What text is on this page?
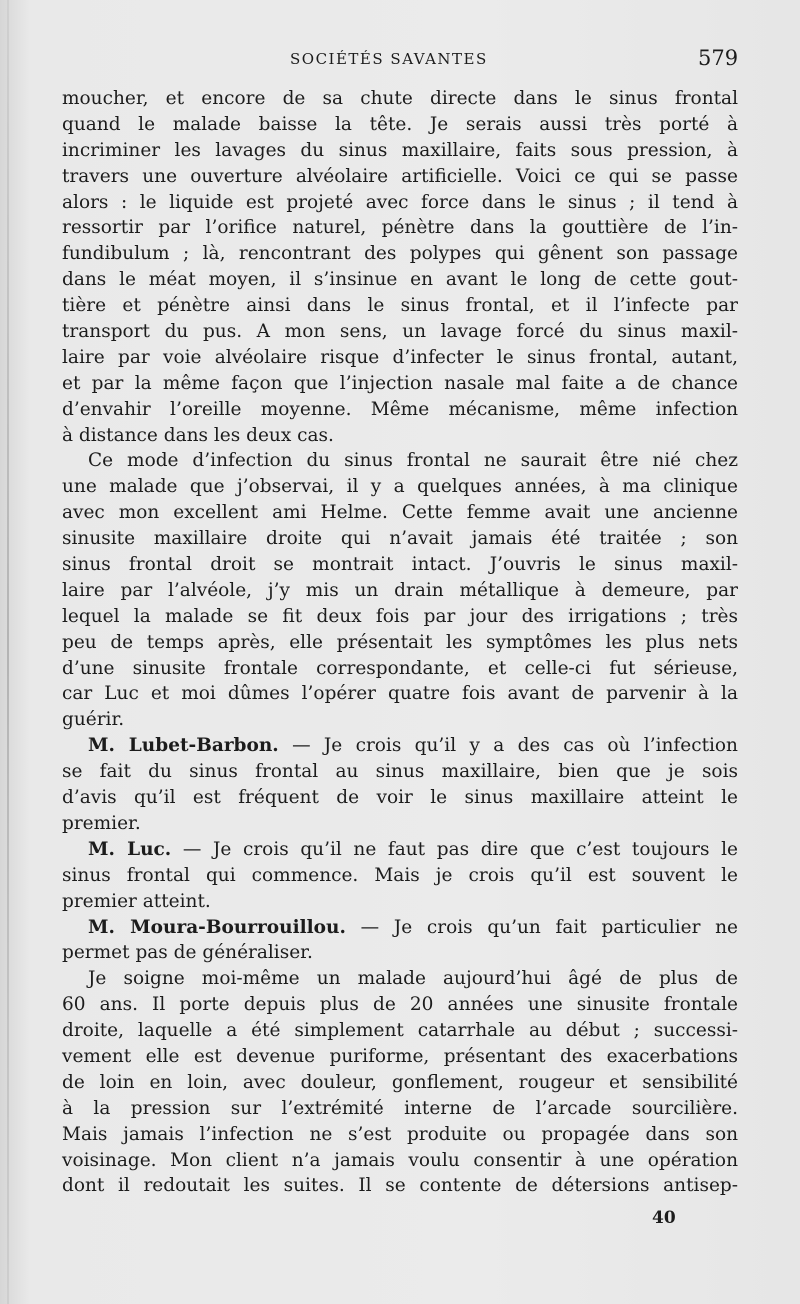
SOCIÉTÉS SAVANTES	579
moucher, et encore de sa chute directe dans le sinus frontal
quand le malade baisse la tête. Je serais aussi très porté à
incriminer les lavages du sinus maxillaire, faits sous pression, à
travers une ouverture alvéolaire artificielle. Voici ce qui se passe
alors : le liquide est projeté avec force dans le sinus ; il tend à
ressortir par l’orifice naturel, pénètre dans la gouttière de l’in-
fundibulum ; là, rencontrant des polypes qui gênent son passage
dans le méat moyen, il s’insinue en avant le long de cette gout-
tière et pénètre ainsi dans le sinus frontal, et il l’infecte par
transport du pus. A mon sens, un lavage forcé du sinus maxil-
laire par voie alvéolaire risque d’infecter le sinus frontal, autant,
et par la même façon que l’injection nasale mal faite a de chance
d’envahir l’oreille moyenne. Même mécanisme, même infection
à distance dans les deux cas.
Ce mode d’infection du sinus frontal ne saurait être nié chez
une malade que j’observai, il y a quelques années, à ma clinique
avec mon excellent ami Helme. Cette femme avait une ancienne
sinusite maxillaire droite qui n’avait jamais été traitée ; son
sinus frontal droit se montrait intact. J’ouvris le sinus maxil-
laire par l’alvéole, j’y mis un drain métallique à demeure, par
lequel la malade se fit deux fois par jour des irrigations ; très
peu de temps après, elle présentait les symptômes les plus nets
d’une sinusite frontale correspondante, et celle-ci fut sérieuse,
car Luc et moi dûmes l’opérer quatre fois avant de parvenir à la
guérir.
M. Lubet-Barbon. — Je crois qu’il y a des cas où l’infection
se fait du sinus frontal au sinus maxillaire, bien que je sois
d’avis qu’il est fréquent de voir le sinus maxillaire atteint le
premier.
M. Luc. — Je crois qu’il ne faut pas dire que c’est toujours le
sinus frontal qui commence. Mais je crois qu’il est souvent le
premier atteint.
M. Moura-Bourrouillou. — Je crois qu’un fait particulier ne
permet pas de généraliser.
Je soigne moi-même un malade aujourd’hui âgé de plus de
60 ans. Il porte depuis plus de 20 années une sinusite frontale
droite, laquelle a été simplement catarrhale au début ; successi-
vement elle est devenue puriforme, présentant des exacerbations
de loin en loin, avec douleur, gonflement, rougeur et sensibilité
à la pression sur l’extrémité interne de l’arcade sourcilière.
Mais jamais l’infection ne s’est produite ou propagée dans son
voisinage. Mon client n’a jamais voulu consentir à une opération
dont il redoutait les suites. Il se contente de détersions antisep-
40
